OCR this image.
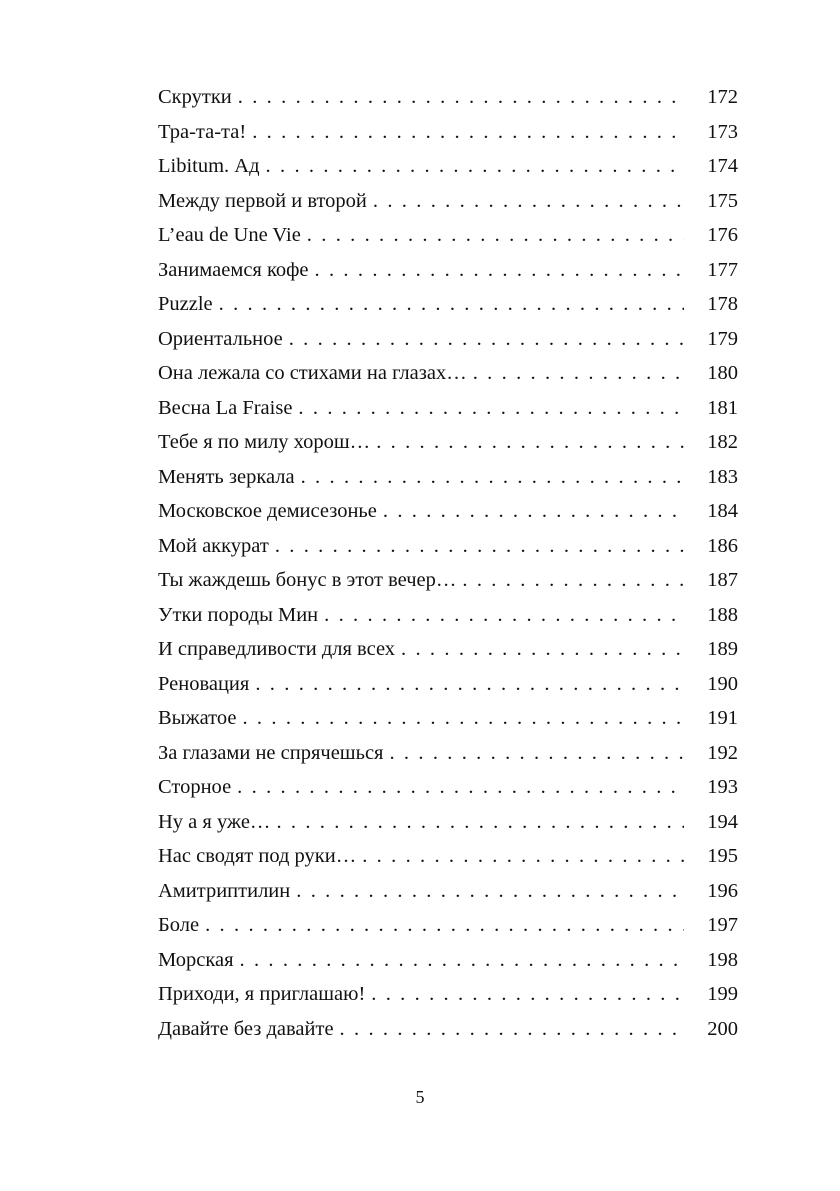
Скрутки . . .	172
Тра-та-та! . . .	173
Libitum. Ад . . .	174
Между первой и второй . . .	175
L’eau de Une Vie . . .	176
Занимаемся кофе . . .	177
Puzzle . . .	178
Ориентальное . . .	179
Она лежала со стихами на глазах… . . .	180
Весна La Fraise . . .	181
Тебе я по милу хорош… . . .	182
Менять зеркала . . .	183
Московское демисезонье . . .	184
Мой аккурат . . .	186
Ты жаждешь бонус в этот вечер… . . .	187
Утки породы Мин . . .	188
И справедливости для всех . . .	189
Реновация . . .	190
Выжатое . . .	191
За глазами не спрячешься . . .	192
Сторное . . .	193
Ну а я уже… . . .	194
Нас сводят под руки… . . .	195
Амитриптилин . . .	196
Боле . . .	197
Морская . . .	198
Приходи, я приглашаю! . . .	199
Давайте без давайте . . .	200
5
